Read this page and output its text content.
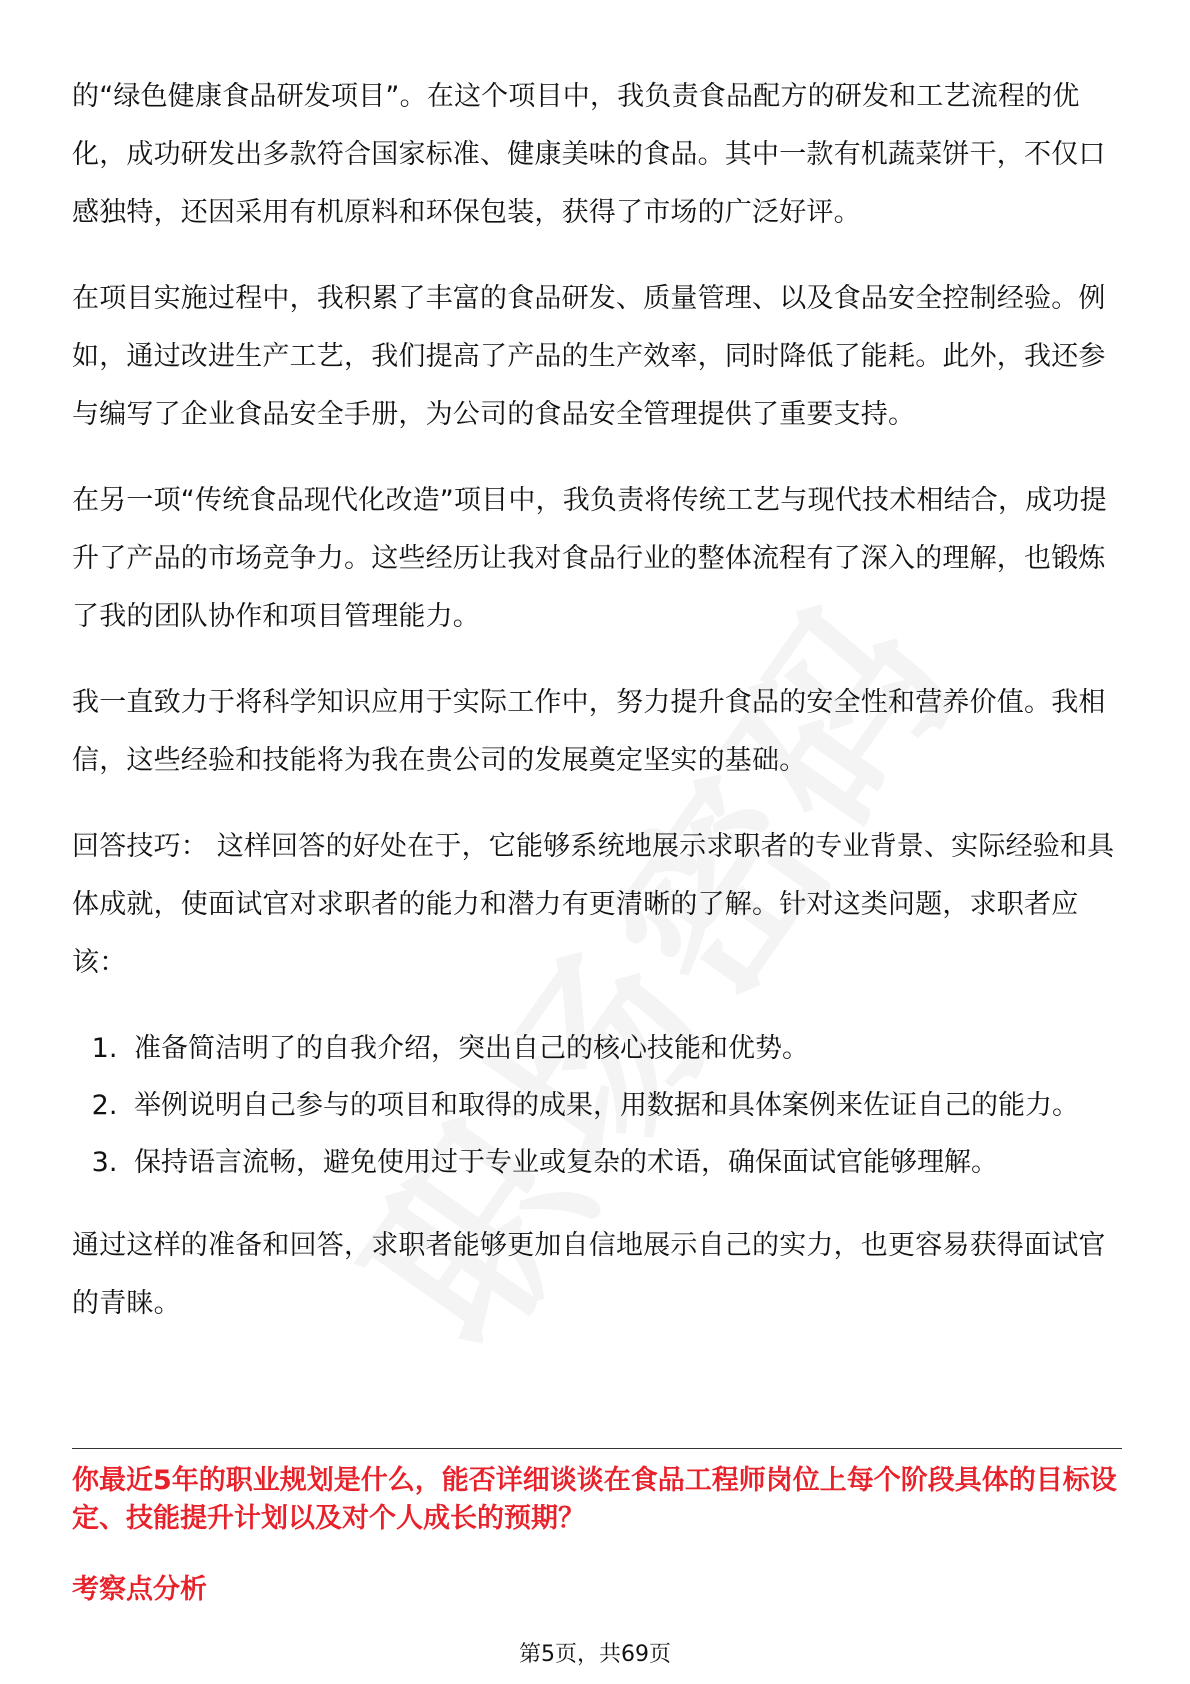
的“绿色健康食品研发项目”。在这个项目中，我负责食品配方的研发和工艺流程的优化，成功研发出多款符合国家标准、健康美味的食品。其中一款有机蔬菜饼干，不仅口感独特，还因采用有机原料和环保包装，获得了市场的广泛好评。

在项目实施过程中，我积累了丰富的食品研发、质量管理、以及食品安全控制经验。例如，通过改进生产工艺，我们提高了产品的生产效率，同时降低了能耗。此外，我还参与编写了企业食品安全手册，为公司的食品安全管理提供了重要支持。

在另一项“传统食品现代化改造”项目中，我负责将传统工艺与现代技术相结合，成功提升了产品的市场竞争力。这些经历让我对食品行业的整体流程有了深入的理解，也锻炼了我的团队协作和项目管理能力。

我一直致力于将科学知识应用于实际工作中，努力提升食品的安全性和营养价值。我相信，这些经验和技能将为我在贵公司的发展奠定坚实的基础。

回答技巧： 这样回答的好处在于，它能够系统地展示求职者的专业背景、实际经验和具体成就，使面试官对求职者的能力和潜力有更清晰的了解。针对这类问题，求职者应该：

1. 准备简洁明了的自我介绍，突出自己的核心技能和优势。
2. 举例说明自己参与的项目和取得的成果，用数据和具体案例来佐证自己的能力。
3. 保持语言流畅，避免使用过于专业或复杂的术语，确保面试官能够理解。

通过这样的准备和回答，求职者能够更加自信地展示自己的实力，也更容易获得面试官的青睐。

你最近5年的职业规划是什么，能否详细谈谈在食品工程师岗位上每个阶段具体的目标设定、技能提升计划以及对个人成长的预期？

考察点分析

第5页，共69页
